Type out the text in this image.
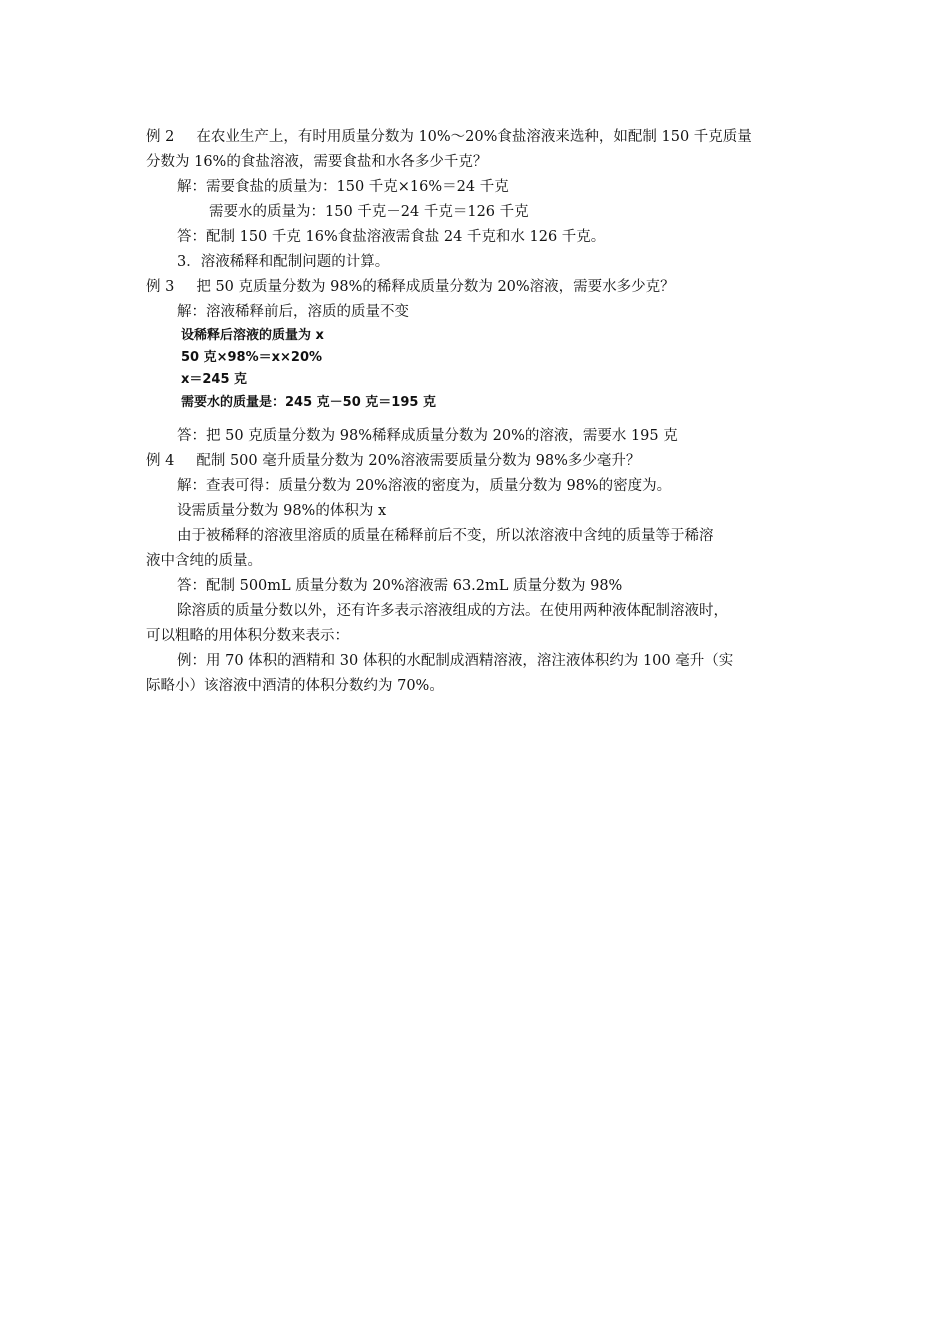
例 2 在农业生产上，有时用质量分数为 10%～20%食盐溶液来选种，如配制 150 千克质量
分数为 16%的食盐溶液，需要食盐和水各多少千克？
解：需要食盐的质量为：150 千克×16%＝24 千克
需要水的质量为：150 千克－24 千克＝126 千克
答：配制 150 千克 16%食盐溶液需食盐 24 千克和水 126 千克。
3．溶液稀释和配制问题的计算。
例 3 把 50 克质量分数为 98%的稀释成质量分数为 20%溶液，需要水多少克？
解：溶液稀释前后，溶质的质量不变
设稀释后溶液的质量为 x
50 克×98%＝x×20%
x＝245 克
需要水的质量是：245 克－50 克＝195 克
答：把 50 克质量分数为 98%稀释成质量分数为 20%的溶液，需要水 195 克
例 4 配制 500 毫升质量分数为 20%溶液需要质量分数为 98%多少毫升？
解：查表可得：质量分数为 20%溶液的密度为，质量分数为 98%的密度为。
设需质量分数为 98%的体积为 x
由于被稀释的溶液里溶质的质量在稀释前后不变，所以浓溶液中含纯的质量等于稀溶
液中含纯的质量。
答：配制 500mL 质量分数为 20%溶液需 63.2mL 质量分数为 98%
除溶质的质量分数以外，还有许多表示溶液组成的方法。在使用两种液体配制溶液时，
可以粗略的用体积分数来表示：
例：用 70 体积的酒精和 30 体积的水配制成酒精溶液，溶注液体积约为 100 毫升（实
际略小）该溶液中酒清的体积分数约为 70%。
